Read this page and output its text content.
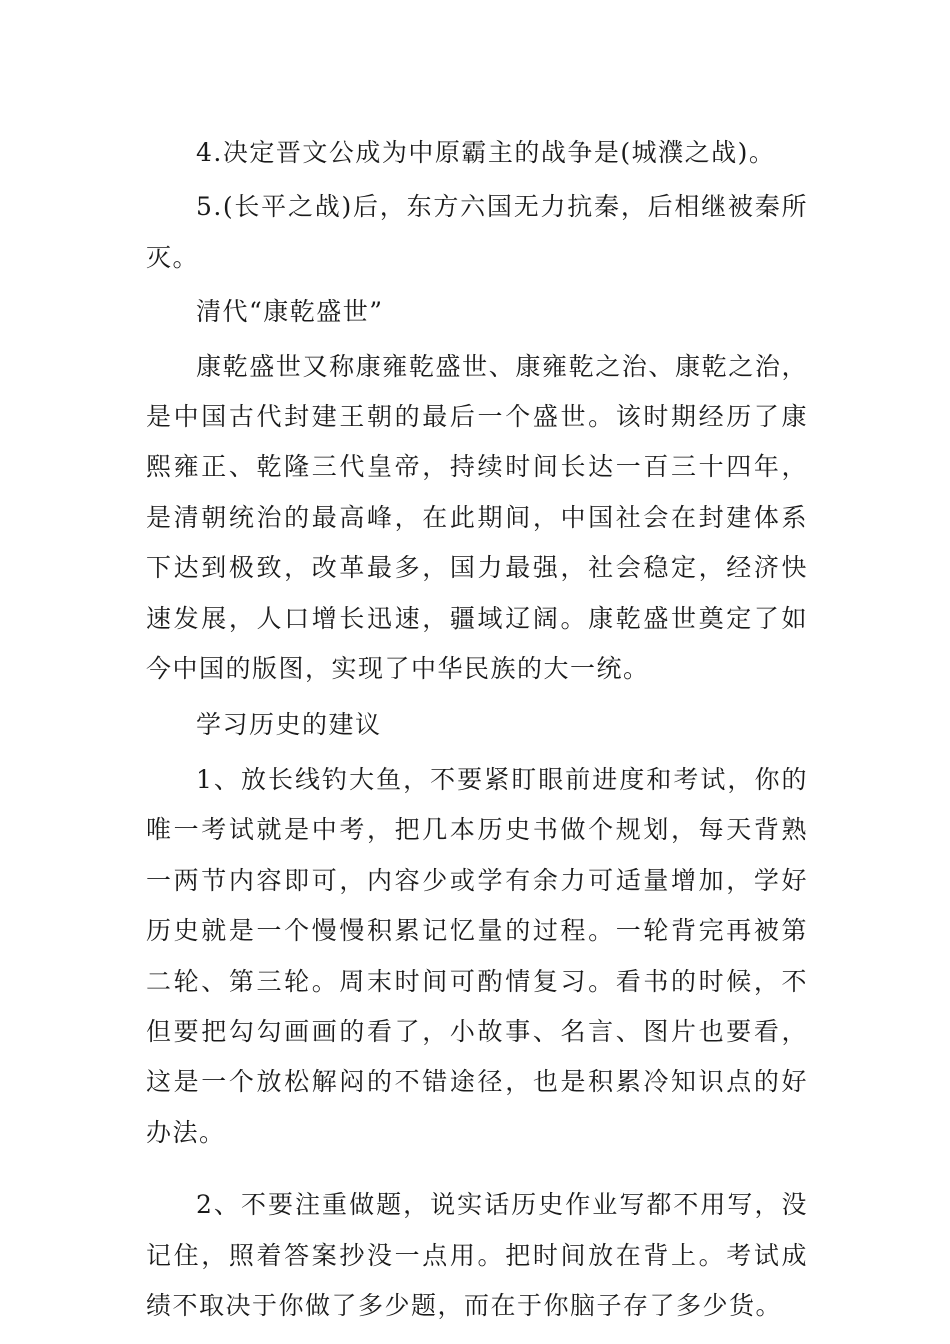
4.决定晋文公成为中原霸主的战争是(城濮之战)。

5.(长平之战)后，东方六国无力抗秦，后相继被秦所灭。

清代“康乾盛世”

康乾盛世又称康雍乾盛世、康雍乾之治、康乾之治，是中国古代封建王朝的最后一个盛世。该时期经历了康熙雍正、乾隆三代皇帝，持续时间长达一百三十四年，是清朝统治的最高峰，在此期间，中国社会在封建体系下达到极致，改革最多，国力最强，社会稳定，经济快速发展，人口增长迅速，疆域辽阔。康乾盛世奠定了如今中国的版图，实现了中华民族的大一统。

学习历史的建议

1、放长线钓大鱼，不要紧盯眼前进度和考试，你的唯一考试就是中考，把几本历史书做个规划，每天背熟一两节内容即可，内容少或学有余力可适量增加，学好历史就是一个慢慢积累记忆量的过程。一轮背完再被第二轮、第三轮。周末时间可酌情复习。看书的时候，不但要把勾勾画画的看了，小故事、名言、图片也要看，这是一个放松解闷的不错途径，也是积累冷知识点的好办法。

2、不要注重做题，说实话历史作业写都不用写，没记住，照着答案抄没一点用。把时间放在背上。考试成绩不取决于你做了多少题，而在于你脑子存了多少货。
